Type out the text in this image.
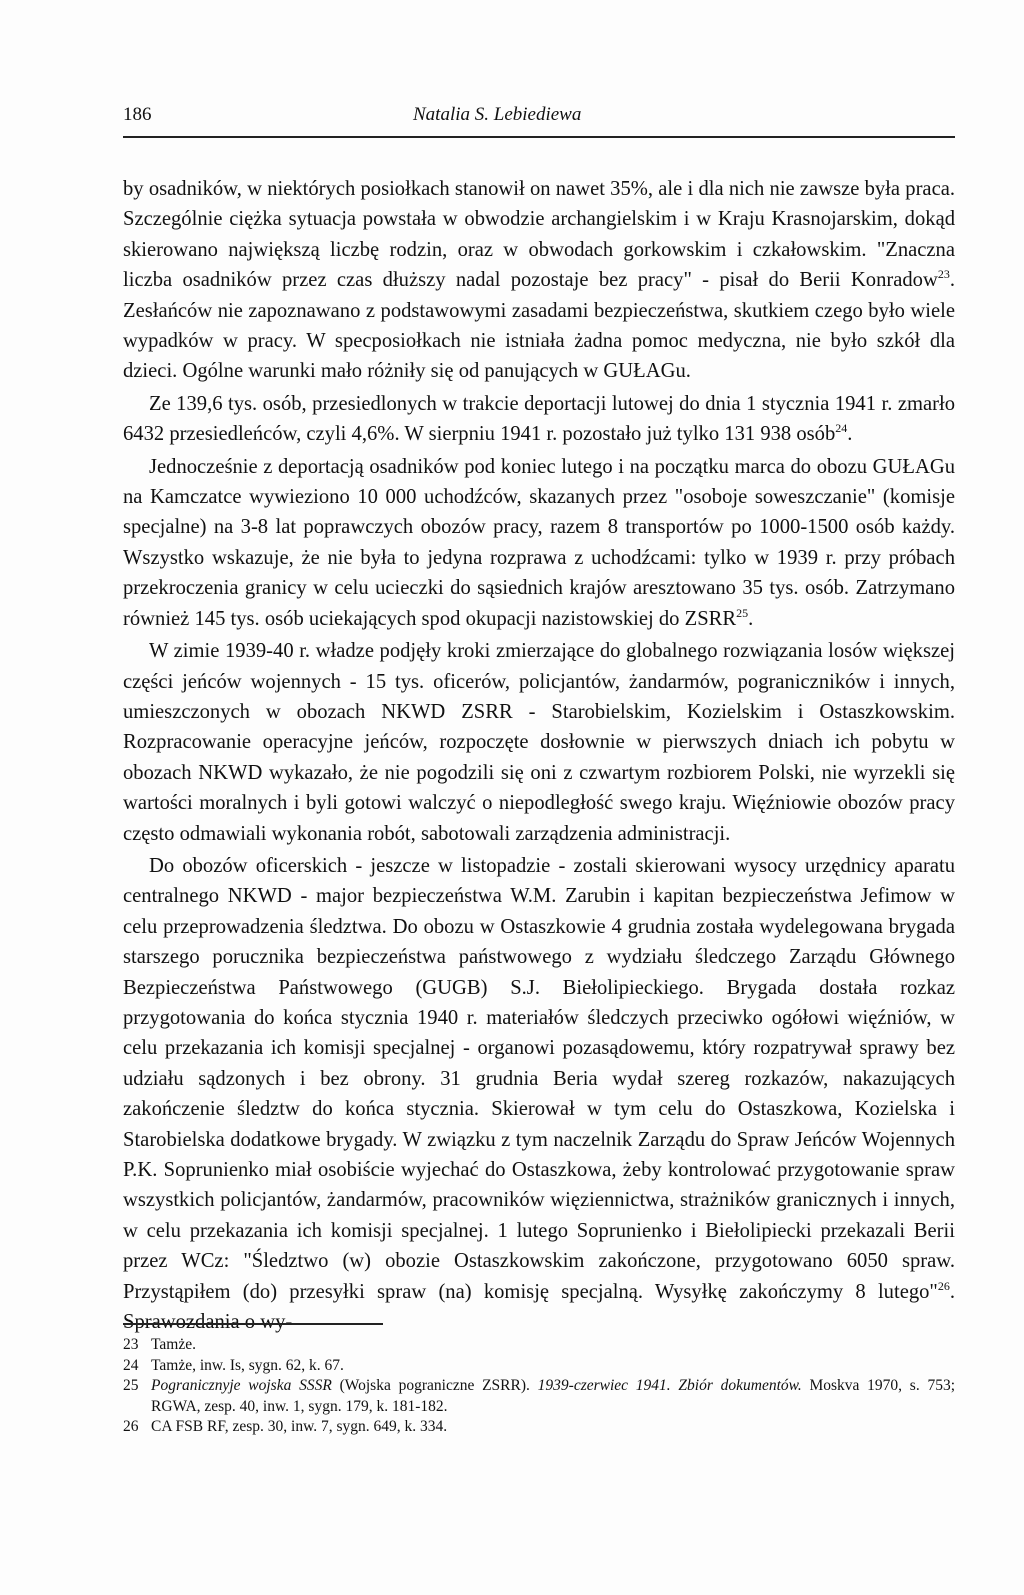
186	Natalia S. Lebiediewa

by osadników, w niektórych posiołkach stanowił on nawet 35%, ale i dla nich nie zawsze była praca. Szczególnie ciężka sytuacja powstała w obwodzie archangielskim i w Kraju Krasnojarskim, dokąd skierowano największą liczbę rodzin, oraz w obwodach gorkowskim i czkałowskim. "Znaczna liczba osadników przez czas dłuższy nadal pozostaje bez pracy" - pisał do Berii Konradow$^{23}$. Zesłańców nie zapoznawano z podstawowymi zasadami bezpieczeństwa, skutkiem czego było wiele wypadków w pracy. W specposiołkach nie istniała żadna pomoc medyczna, nie było szkół dla dzieci. Ogólne warunki mało różniły się od panujących w GUŁAGu.

Ze 139,6 tys. osób, przesiedlonych w trakcie deportacji lutowej do dnia 1 stycznia 1941 r. zmarło 6432 przesiedleńców, czyli 4,6%. W sierpniu 1941 r. pozostało już tylko 131 938 osób$^{24}$.

Jednocześnie z deportacją osadników pod koniec lutego i na początku marca do obozu GUŁAGu na Kamczatce wywieziono 10 000 uchodźców, skazanych przez "osoboje soweszczanie" (komisje specjalne) na 3-8 lat poprawczych obozów pracy, razem 8 transportów po 1000-1500 osób każdy. Wszystko wskazuje, że nie była to jedyna rozprawa z uchodźcami: tylko w 1939 r. przy próbach przekroczenia granicy w celu ucieczki do sąsiednich krajów aresztowano 35 tys. osób. Zatrzymano również 145 tys. osób uciekających spod okupacji nazistowskiej do ZSRR$^{25}$.

W zimie 1939-40 r. władze podjęły kroki zmierzające do globalnego rozwiązania losów większej części jeńców wojennych - 15 tys. oficerów, policjantów, żandarmów, pograniczników i innych, umieszczonych w obozach NKWD ZSRR - Starobielskim, Kozielskim i Ostaszkowskim. Rozpracowanie operacyjne jeńców, rozpoczęte dosłownie w pierwszych dniach ich pobytu w obozach NKWD wykazało, że nie pogodzili się oni z czwartym rozbiorem Polski, nie wyrzekli się wartości moralnych i byli gotowi walczyć o niepodległość swego kraju. Więźniowie obozów pracy często odmawiali wykonania robót, sabotowali zarządzenia administracji.

Do obozów oficerskich - jeszcze w listopadzie - zostali skierowani wysocy urzędnicy aparatu centralnego NKWD - major bezpieczeństwa W.M. Zarubin i kapitan bezpieczeństwa Jefimow w celu przeprowadzenia śledztwa. Do obozu w Ostaszkowie 4 grudnia została wydelegowana brygada starszego porucznika bezpieczeństwa państwowego z wydziału śledczego Zarządu Głównego Bezpieczeństwa Państwowego (GUGB) S.J. Biełolipieckiego. Brygada dostała rozkaz przygotowania do końca stycznia 1940 r. materiałów śledczych przeciwko ogółowi więźniów, w celu przekazania ich komisji specjalnej - organowi pozasądowemu, który rozpatrywał sprawy bez udziału sądzonych i bez obrony. 31 grudnia Beria wydał szereg rozkazów, nakazujących zakończenie śledztw do końca stycznia. Skierował w tym celu do Ostaszkowa, Kozielska i Starobielska dodatkowe brygady. W związku z tym naczelnik Zarządu do Spraw Jeńców Wojennych P.K. Soprunienko miał osobiście wyjechać do Ostaszkowa, żeby kontrolować przygotowanie spraw wszystkich policjantów, żandarmów, pracowników więziennictwa, strażników granicznych i innych, w celu przekazania ich komisji specjalnej. 1 lutego Soprunienko i Biełolipiecki przekazali Berii przez WCz: "Śledztwo (w) obozie Ostaszkowskim zakończone, przygotowano 6050 spraw. Przystąpiłem (do) przesyłki spraw (na) komisję specjalną. Wysyłkę zakończymy 8 lutego"$^{26}$.

23 Tamże.
24 Tamże, inw. Is, sygn. 62, k. 67.
25 Pogranicznyje wojska SSSR (Wojska pograniczne ZSRR). 1939-czerwiec 1941. Zbiór dokumentów. Moskva 1970, s. 753; RGWA, zesp. 40, inw. 1, sygn. 179, k. 181-182.
26 CA FSB RF, zesp. 30, inw. 7, sygn. 649, k. 334.
